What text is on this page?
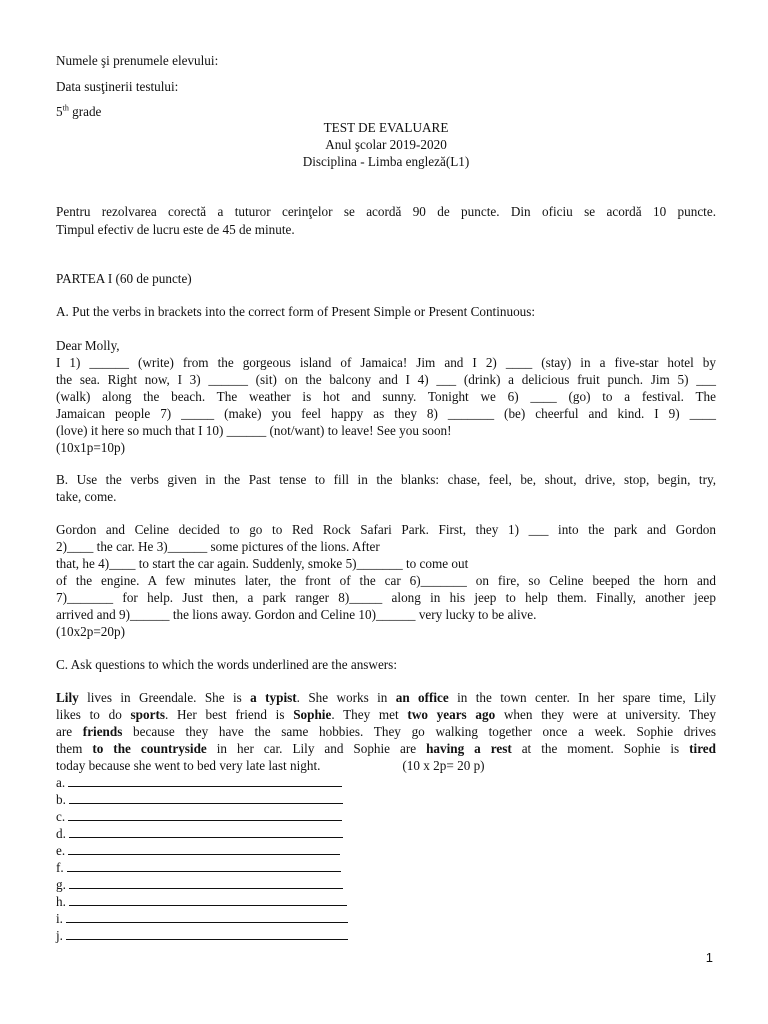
Numele şi prenumele elevului:
Data susţinerii testului:
5th grade
TEST DE EVALUARE
Anul şcolar 2019-2020
Disciplina - Limba engleză(L1)
Pentru rezolvarea corectă a tuturor cerinţelor se acordă 90 de puncte. Din oficiu se acordă 10 puncte.
Timpul efectiv de lucru este de 45 de minute.
PARTEA I (60 de puncte)
A. Put the verbs in brackets into the correct form of Present Simple or Present Continuous:
Dear Molly,
I 1) ______ (write) from the gorgeous island of Jamaica! Jim and I 2) ____ (stay) in a five-star hotel by
the sea. Right now, I 3) ______ (sit) on the balcony and I 4) ___ (drink) a delicious fruit punch. Jim 5) ___
(walk) along the beach. The weather is hot and sunny. Tonight we 6) ____ (go) to a festival. The
Jamaican people 7) _____ (make) you feel happy as they 8) _______ (be) cheerful and kind. I 9) ____
(love) it here so much that I 10) ______ (not/want) to leave! See you soon!
(10x1p=10p)
B. Use the verbs given in the Past tense to fill in the blanks: chase, feel, be, shout, drive, stop, begin, try,
take, come.
Gordon and Celine decided to go to Red Rock Safari Park. First, they 1) ___ into the park and Gordon
2)____ the car. He 3)______ some pictures of the lions. After
that, he 4)____ to start the car again. Suddenly, smoke 5)_______ to come out
of the engine. A few minutes later, the front of the car 6)_______ on fire, so Celine beeped the horn and
7)_______ for help. Just then, a park ranger 8)_____ along in his jeep to help them. Finally, another jeep
arrived and 9)______ the lions away. Gordon and Celine 10)______ very lucky to be alive.
(10x2p=20p)
C. Ask questions to which the words underlined are the answers:
Lily lives in Greendale. She is a typist. She works in an office in the town center. In her spare time, Lily
likes to do sports. Her best friend is Sophie. They met two years ago when they were at university. They
are friends because they have the same hobbies. They go walking together once a week. Sophie drives
them to the countryside in her car. Lily and Sophie are having a rest at the moment. Sophie is tired
today because she went to bed very late last night.	(10 x 2p= 20 p)
a.
b.
c.
d.
e.
f.
g.
h.
i.
j.
1
